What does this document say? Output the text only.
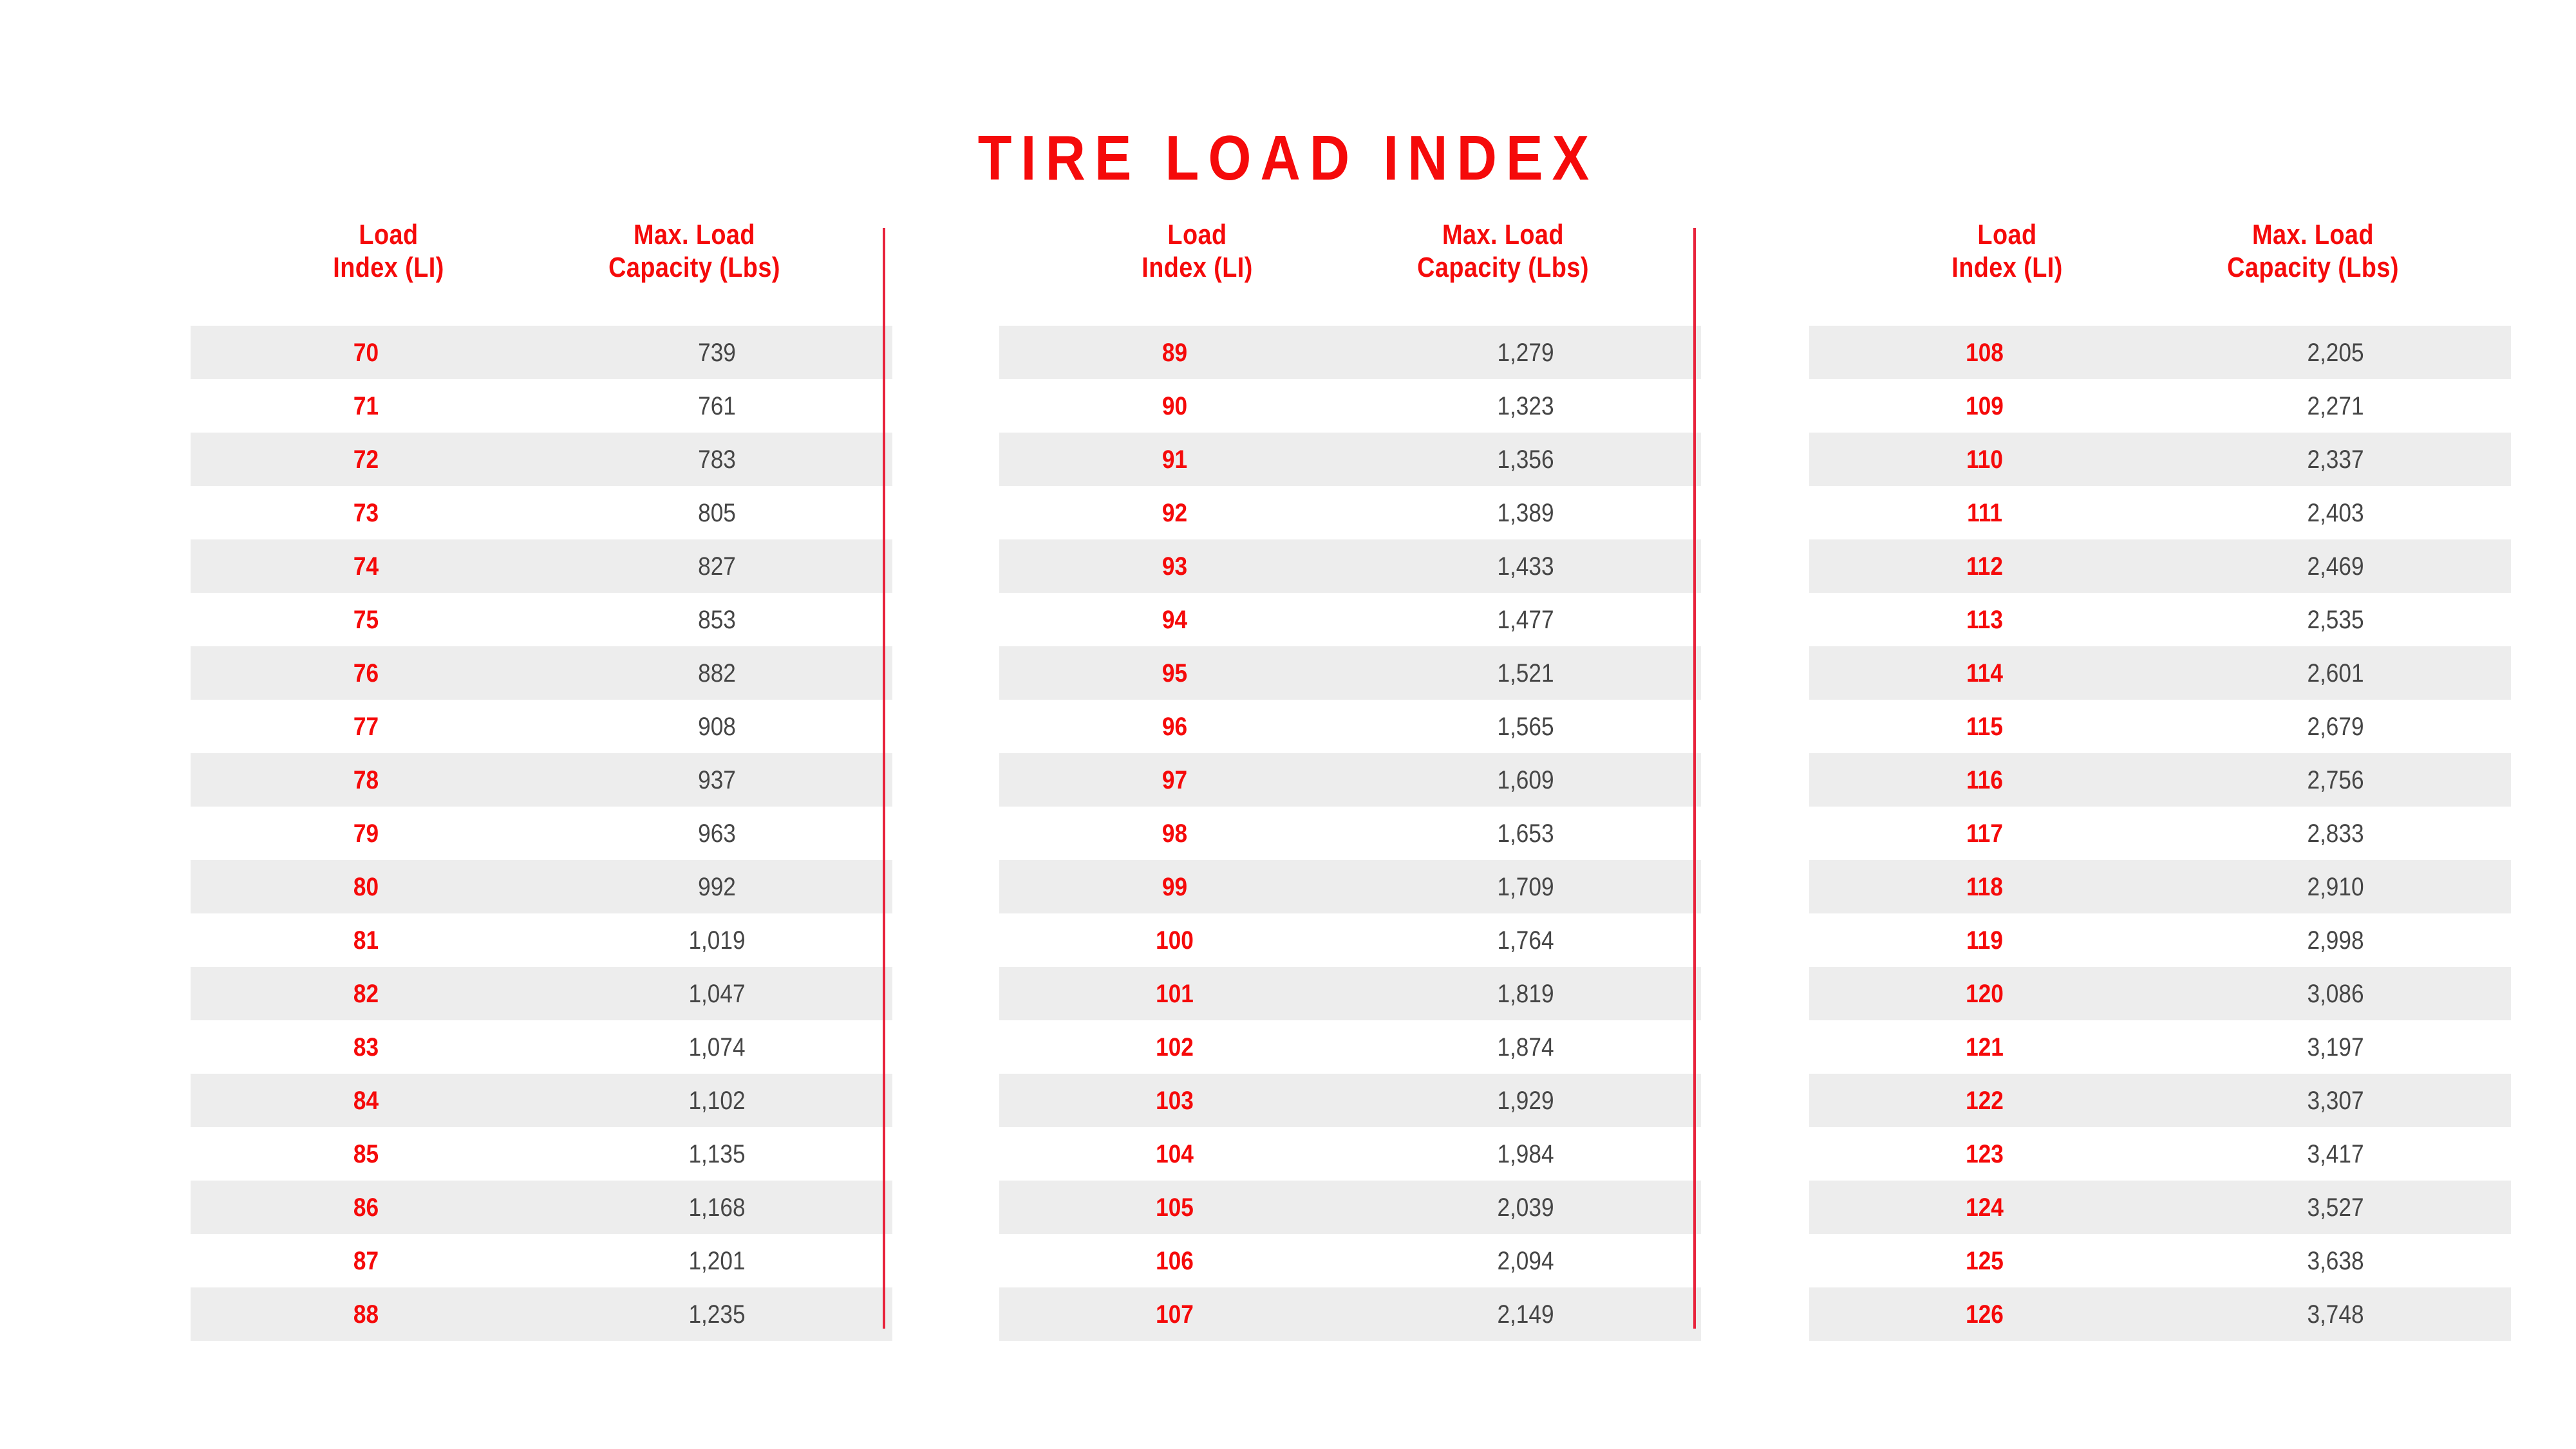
TIRE LOAD INDEX
Load
Index (LI)
Max. Load
Capacity (Lbs)
70	739
71	761
72	783
73	805
74	827
75	853
76	882
77	908
78	937
79	963
80	992
81	1,019
82	1,047
83	1,074
84	1,102
85	1,135
86	1,168
87	1,201
88	1,235
Load
Index (LI)
Max. Load
Capacity (Lbs)
89	1,279
90	1,323
91	1,356
92	1,389
93	1,433
94	1,477
95	1,521
96	1,565
97	1,609
98	1,653
99	1,709
100	1,764
101	1,819
102	1,874
103	1,929
104	1,984
105	2,039
106	2,094
107	2,149
Load
Index (LI)
Max. Load
Capacity (Lbs)
108	2,205
109	2,271
110	2,337
111	2,403
112	2,469
113	2,535
114	2,601
115	2,679
116	2,756
117	2,833
118	2,910
119	2,998
120	3,086
121	3,197
122	3,307
123	3,417
124	3,527
125	3,638
126	3,748
